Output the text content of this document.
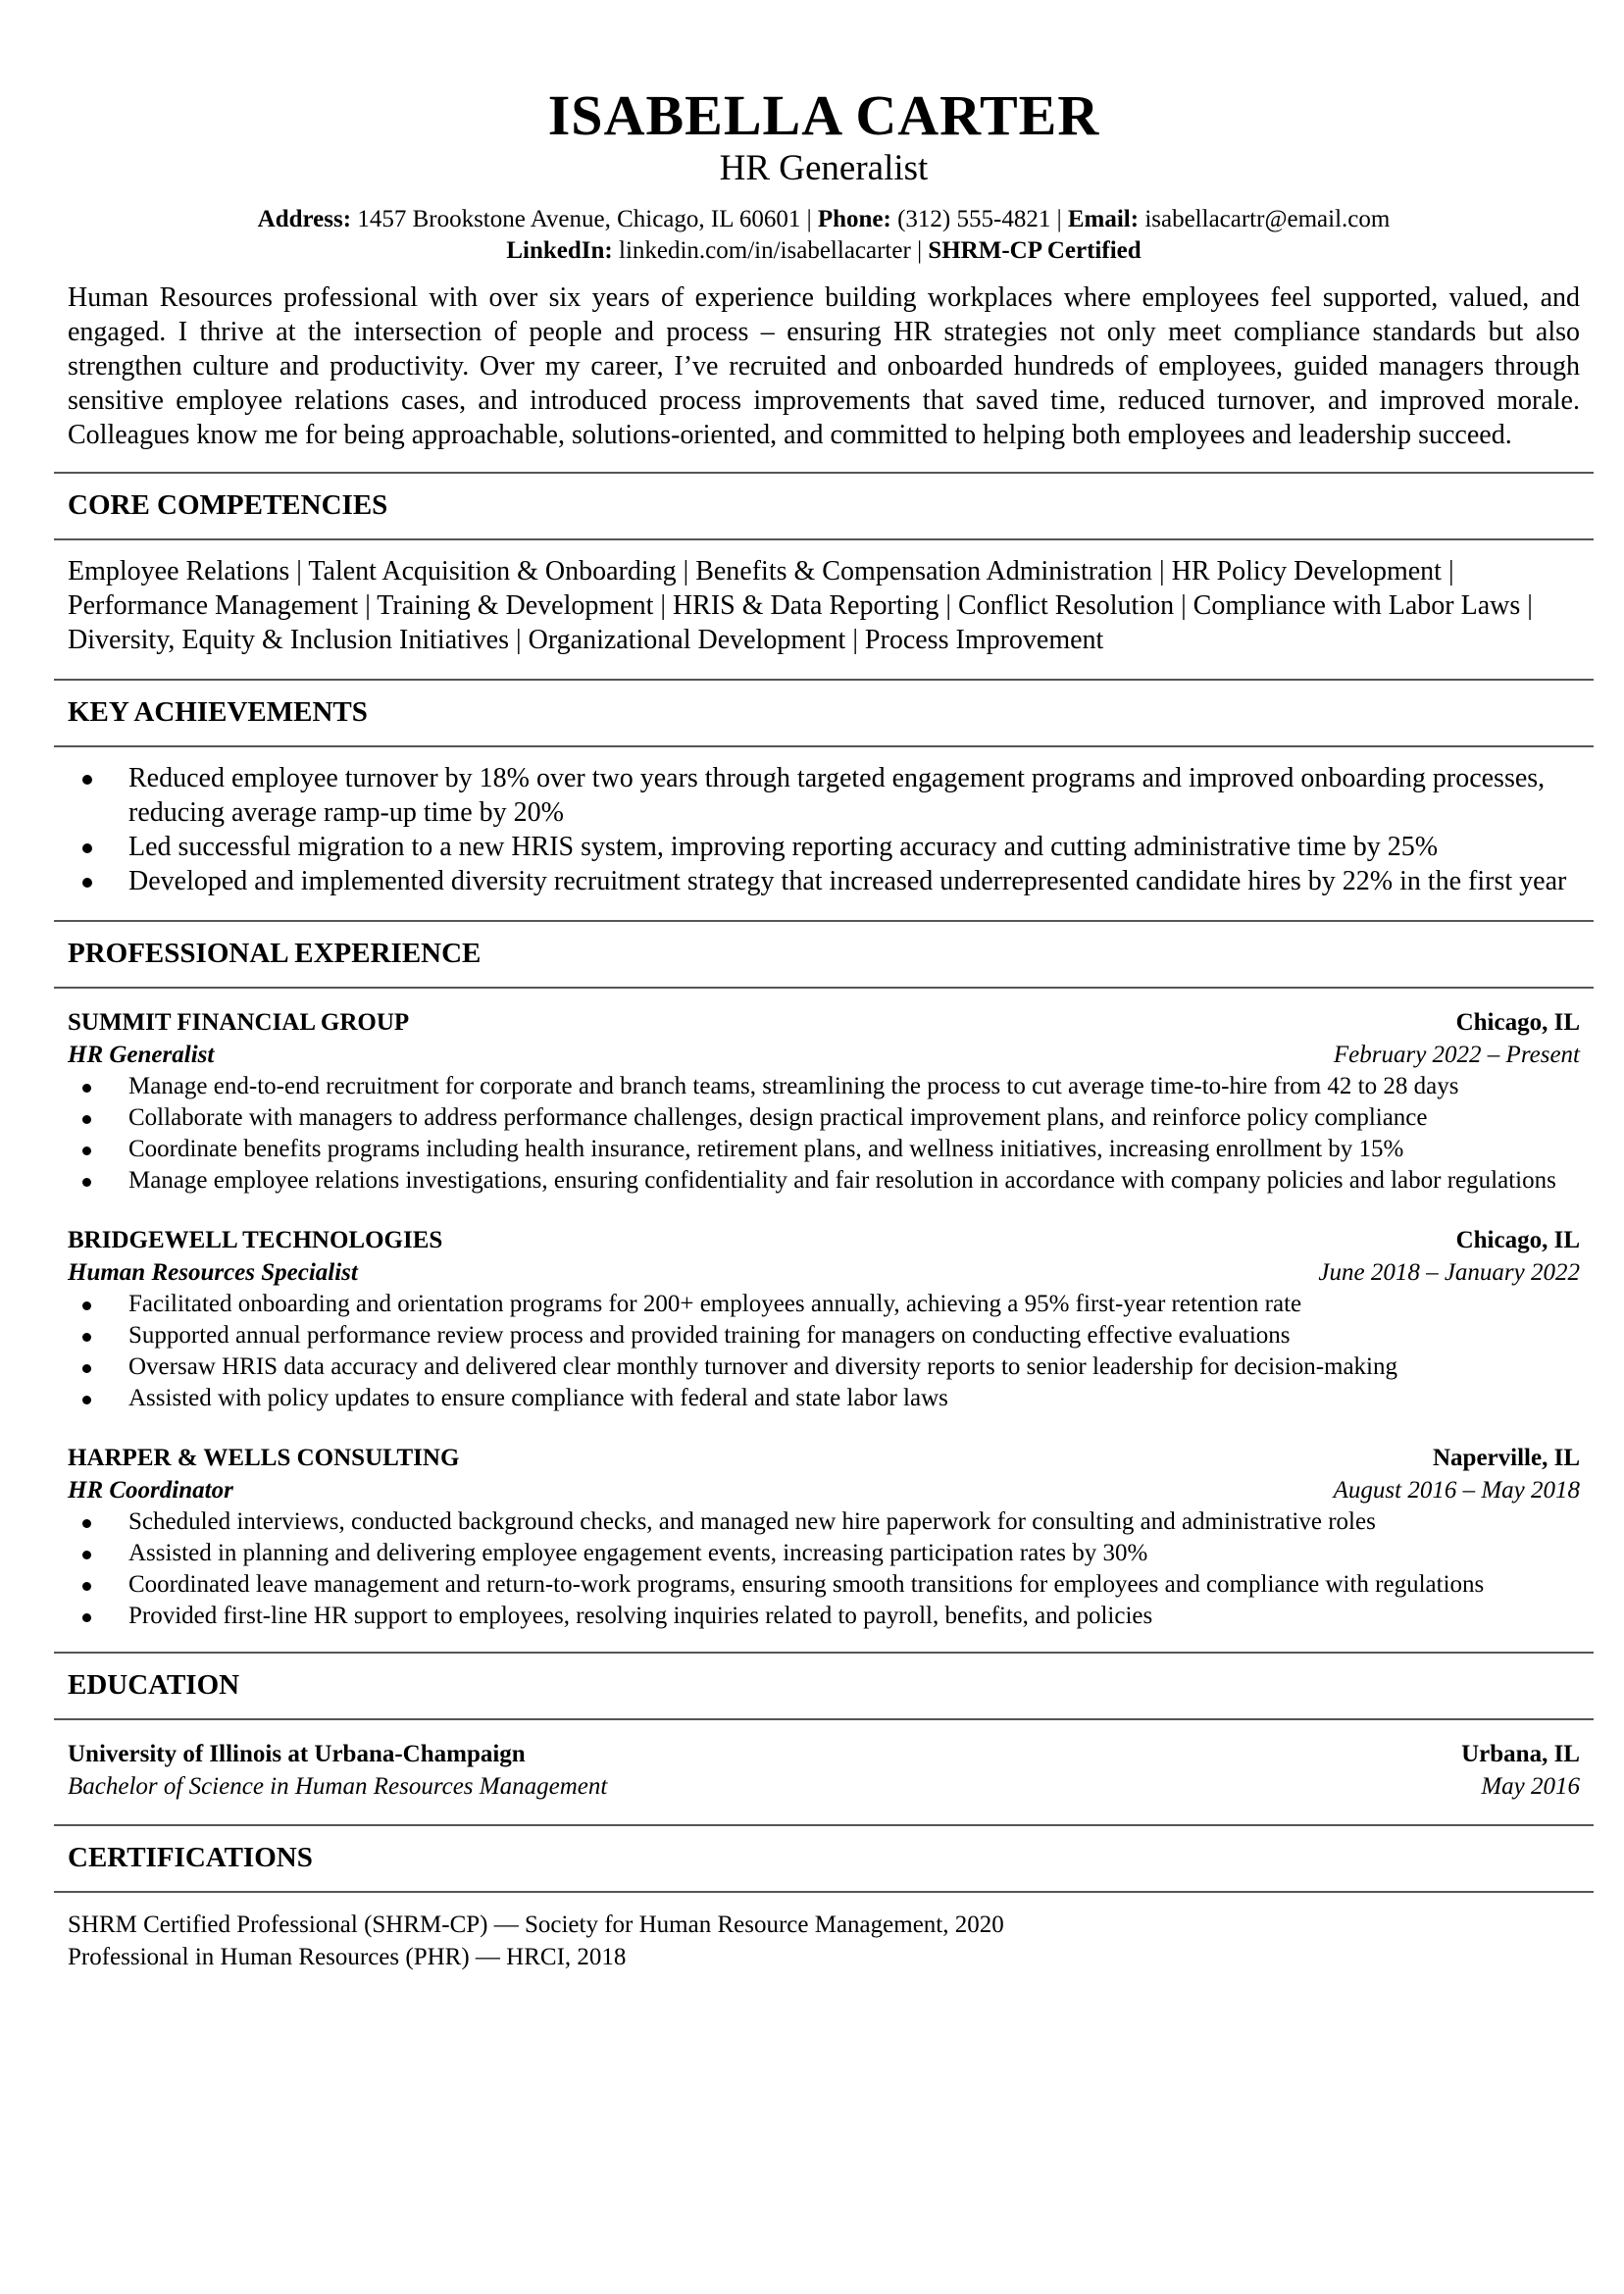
ISABELLA CARTER
HR Generalist
Address: 1457 Brookstone Avenue, Chicago, IL 60601 | Phone: (312) 555-4821 | Email: isabellacartr@email.com
LinkedIn: linkedin.com/in/isabellacarter | SHRM-CP Certified
Human Resources professional with over six years of experience building workplaces where employees feel supported, valued, and engaged. I thrive at the intersection of people and process – ensuring HR strategies not only meet compliance standards but also strengthen culture and productivity. Over my career, I’ve recruited and onboarded hundreds of employees, guided managers through sensitive employee relations cases, and introduced process improvements that saved time, reduced turnover, and improved morale. Colleagues know me for being approachable, solutions-oriented, and committed to helping both employees and leadership succeed.
CORE COMPETENCIES
Employee Relations | Talent Acquisition & Onboarding | Benefits & Compensation Administration | HR Policy Development | Performance Management | Training & Development | HRIS & Data Reporting | Conflict Resolution | Compliance with Labor Laws | Diversity, Equity & Inclusion Initiatives | Organizational Development | Process Improvement
KEY ACHIEVEMENTS
Reduced employee turnover by 18% over two years through targeted engagement programs and improved onboarding processes, reducing average ramp-up time by 20%
Led successful migration to a new HRIS system, improving reporting accuracy and cutting administrative time by 25%
Developed and implemented diversity recruitment strategy that increased underrepresented candidate hires by 22% in the first year
PROFESSIONAL EXPERIENCE
SUMMIT FINANCIAL GROUP	Chicago, IL
HR Generalist	February 2022 – Present
Manage end-to-end recruitment for corporate and branch teams, streamlining the process to cut average time-to-hire from 42 to 28 days
Collaborate with managers to address performance challenges, design practical improvement plans, and reinforce policy compliance
Coordinate benefits programs including health insurance, retirement plans, and wellness initiatives, increasing enrollment by 15%
Manage employee relations investigations, ensuring confidentiality and fair resolution in accordance with company policies and labor regulations
BRIDGEWELL TECHNOLOGIES	Chicago, IL
Human Resources Specialist	June 2018 – January 2022
Facilitated onboarding and orientation programs for 200+ employees annually, achieving a 95% first-year retention rate
Supported annual performance review process and provided training for managers on conducting effective evaluations
Oversaw HRIS data accuracy and delivered clear monthly turnover and diversity reports to senior leadership for decision-making
Assisted with policy updates to ensure compliance with federal and state labor laws
HARPER & WELLS CONSULTING	Naperville, IL
HR Coordinator	August 2016 – May 2018
Scheduled interviews, conducted background checks, and managed new hire paperwork for consulting and administrative roles
Assisted in planning and delivering employee engagement events, increasing participation rates by 30%
Coordinated leave management and return-to-work programs, ensuring smooth transitions for employees and compliance with regulations
Provided first-line HR support to employees, resolving inquiries related to payroll, benefits, and policies
EDUCATION
University of Illinois at Urbana-Champaign	Urbana, IL
Bachelor of Science in Human Resources Management	May 2016
CERTIFICATIONS
SHRM Certified Professional (SHRM-CP) — Society for Human Resource Management, 2020
Professional in Human Resources (PHR) — HRCI, 2018
